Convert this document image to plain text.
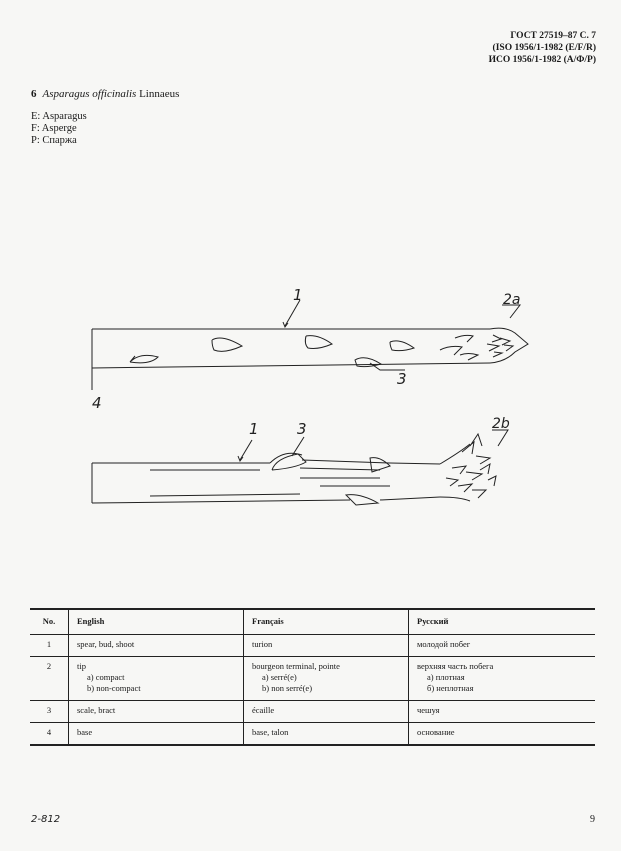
ГОСТ 27519–87 С. 7
(ISO 1956/1-1982 (E/F/R)
ИСО 1956/1-1982 (А/Ф/Р)
6 Asparagus officinalis Linnaeus
E: Asparagus
F: Asperge
P: Спаржа
1	2a
3
4
1	3	2b
No.	English	Français	Русский
1	spear, bud, shoot	turion	молодой побег
2	tip
a) compact
b) non-compact	bourgeon terminal, pointe
a) serré(e)
b) non serré(e)	верхняя часть побега
а) плотная
б) неплотная

3	scale, bract	écaille	чешуя
4	base	base, talon	основание
2-812	9
